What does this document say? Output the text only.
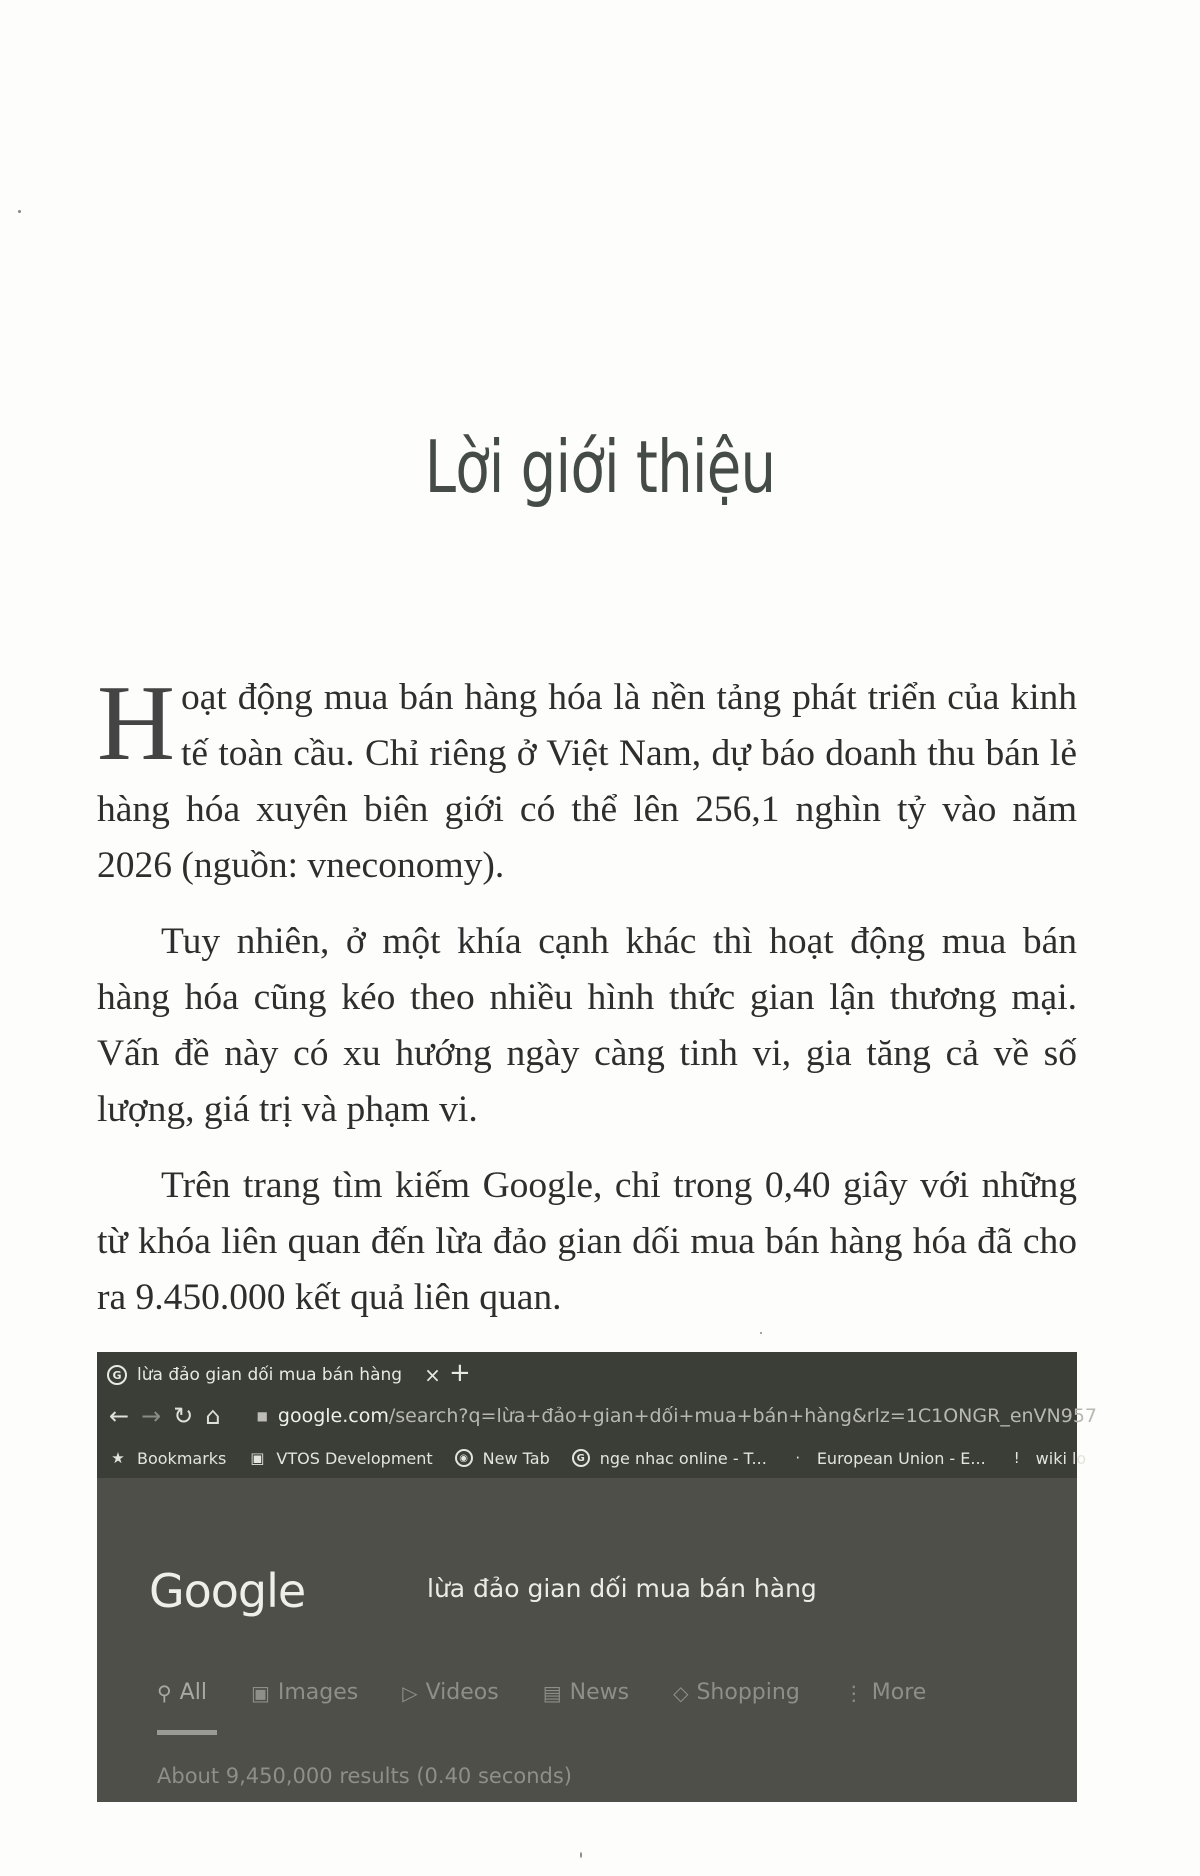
Lời giới thiệu

Hoạt động mua bán hàng hóa là nền tảng phát triển của kinh tế toàn cầu. Chỉ riêng ở Việt Nam, dự báo doanh thu bán lẻ hàng hóa xuyên biên giới có thể lên 256,1 nghìn tỷ vào năm 2026 (nguồn: vneconomy).

Tuy nhiên, ở một khía cạnh khác thì hoạt động mua bán hàng hóa cũng kéo theo nhiều hình thức gian lận thương mại. Vấn đề này có xu hướng ngày càng tinh vi, gia tăng cả về số lượng, giá trị và phạm vi.

Trên trang tìm kiếm Google, chỉ trong 0,40 giây với những từ khóa liên quan đến lừa đảo gian dối mua bán hàng hóa đã cho ra 9.450.000 kết quả liên quan.

G lừa đảo gian dối mua bán hàng × +
← → ↻ ⌂	■ google.com/search?q=lừa+đảo+gian+dối+mua+bán+hàng&rlz=1C1ONGR_enVN957
★ Bookmarks ▣ VTOS Development	◉ New Tab	G nge nhac online - T...	·	European Union - E...	ǃ	wiki lo
Google	lừa đảo gian dối mua bán hàng
⚲ All ▣ Images ▷ Videos ▤ News ◇ Shopping ⋮ More
About 9,450,000 results (0.40 seconds)
